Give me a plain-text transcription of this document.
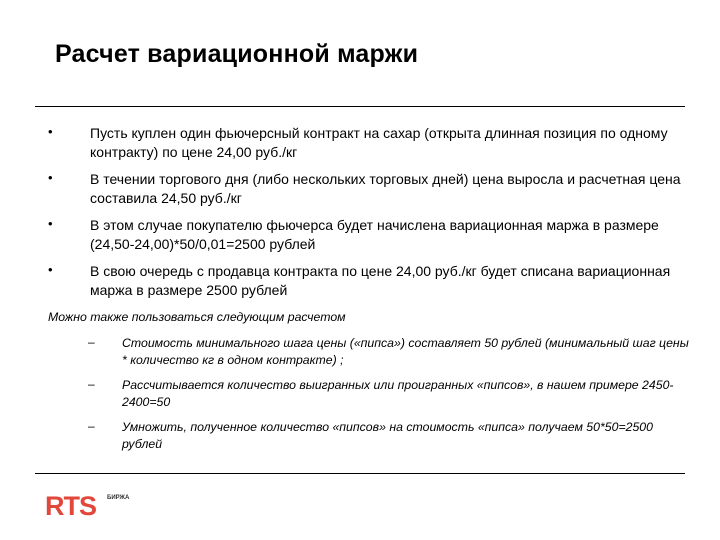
Расчет вариационной маржи
•	Пусть куплен один фьючерсный контракт на сахар (открыта длинная позиция по одному контракту) по цене 24,00 руб./кг
•	В течении торгового дня (либо нескольких торговых дней) цена выросла и расчетная цена составила 24,50 руб./кг
•	В этом случае покупателю фьючерса будет начислена вариационная маржа в размере (24,50-24,00)*50/0,01=2500 рублей
•	В свою очередь с продавца контракта по цене 24,00 руб./кг будет списана вариационная маржа в размере 2500 рублей
Можно также пользоваться следующим расчетом
– Стоимость минимального шага цены («пипса») составляет 50 рублей (минимальный шаг цены * количество кг в одном контракте) ;
– Рассчитывается количество выигранных или проигранных «пипсов», в нашем примере 2450-2400=50
– Умножить, полученное количество «пипсов» на стоимость «пипса» получаем 50*50=2500 рублей
RTS БИРЖА
